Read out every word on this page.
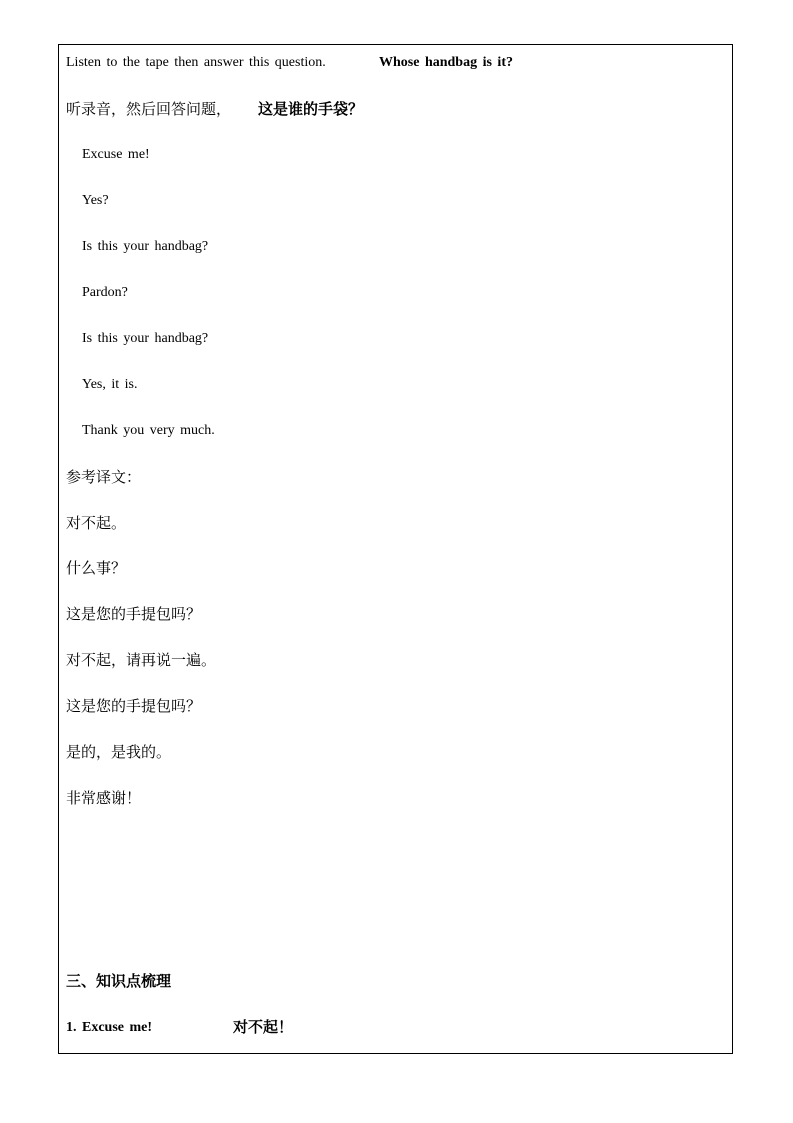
Listen to the tape then answer this question.	Whose handbag is it?
听录音，然后回答问题， 这是谁的手袋？
Excuse me!
Yes?
Is this your handbag?
Pardon?
Is this your handbag?
Yes, it is.
Thank you very much.
参考译文：
对不起。
什么事？
这是您的手提包吗？
对不起，请再说一遍。
这是您的手提包吗？
是的，是我的。
非常感谢！
三、知识点梳理
1. Excuse me!	对不起！
